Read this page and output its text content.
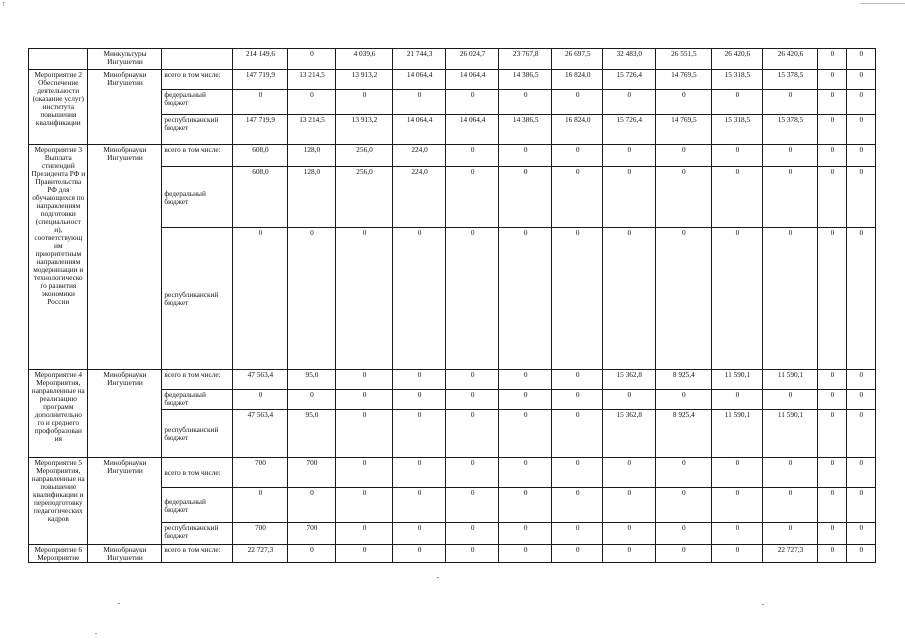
┌
	Минкультуры Ингушетии		214 149,6	0	4 039,6	21 744,3	26 024,7	23 767,8	26 697,5	32 483,0	26 551,5	26 420,6	26 420,6	0	0
Мероприятие 2 Обеспечение деятельности (оказание услуг) института повышения квалификации	Минобрнауки Ингушетии	всего в том числе:	147 719,9	13 214,5	13 913,2	14 064,4	14 064,4	14 386,5	16 824,0	15 726,4	14 769,5	15 318,5	15 378,5	0	0
		федеральный бюджет	0	0	0	0	0	0	0	0	0	0	0	0	0
		республиканский бюджет	147 719,9	13 214,5	13 913,2	14 064,4	14 064,4	14 386,5	16 824,0	15 726,4	14 769,5	15 318,5	15 378,5	0	0
Мероприятие 3 Выплата стипендий Президента РФ и Правительства РФ для обучающихся по направлениям подготовки (специальност и), соответствующ им приоритетным направлениям модернизации и технологическо го развития экономики России	Минобрнауки Ингушетии	всего в том числе:	608,0	128,0	256,0	224,0	0	0	0	0	0	0	0	0	0
		федеральный бюджет	608,0	128,0	256,0	224,0	0	0	0	0	0	0	0	0	0
		республиканский бюджет	0	0	0	0	0	0	0	0	0	0	0	0	0
Мероприятие 4 Мероприятия, направленные на реализацию программ дополнительно го и среднего профобразован ия	Минобрнауки Ингушетии	всего в том числе:	47 563,4	95,0	0	0	0	0	0	15 362,8	8 925,4	11 590,1	11 590,1	0	0
		федеральный бюджет	0	0	0	0	0	0	0	0	0	0	0	0	0
		республиканский бюджет	47 563,4	95,0	0	0	0	0	0	15 362,8	8 925,4	11 590,1	11 590,1	0	0
Мероприятие 5 Мероприятия, направленные на повышение квалификации и переподготовку педагогических кадров	Минобрнауки Ингушетии	всего в том числе:	700	700	0	0	0	0	0	0	0	0	0	0	0
		федеральный бюджет	0	0	0	0	0	0	0	0	0	0	0	0	0
		республиканский бюджет	700	700	0	0	0	0	0	0	0	0	0	0	0
Мероприятие 6 Мероприятие	Минобрнауки Ингушетии	всего в том числе:	22 727,3	0	0	0	0	0	0	0	0	0	22 727,3	0	0
